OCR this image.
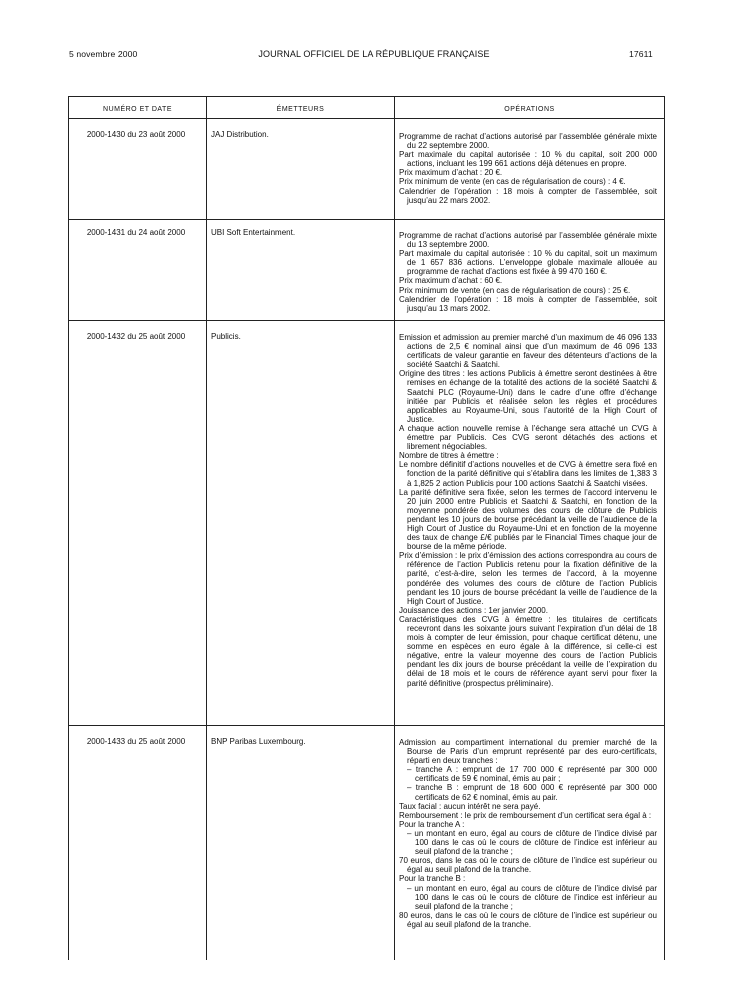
5 novembre 2000	JOURNAL OFFICIEL DE LA RÉPUBLIQUE FRANÇAISE	17611
NUMÉRO ET DATE	ÉMETTEURS	OPÉRATIONS
2000-1430 du 23 août 2000	JAJ Distribution.	Programme de rachat d’actions autorisé par l’assemblée générale mixte du 22 septembre 2000.
Part maximale du capital autorisée : 10 % du capital, soit 200 000 actions, incluant les 199 661 actions déjà détenues en propre.
Prix maximum d’achat : 20 €.
Prix minimum de vente (en cas de régularisation de cours) : 4 €.
Calendrier de l’opération : 18 mois à compter de l’assemblée, soit jusqu’au 22 mars 2002.
2000-1431 du 24 août 2000	UBI Soft Entertainment.	Programme de rachat d’actions autorisé par l’assemblée générale mixte du 13 septembre 2000.
Part maximale du capital autorisée : 10 % du capital, soit un maximum de 1 657 836 actions. L’enveloppe globale maximale allouée au programme de rachat d’actions est fixée à 99 470 160 €.
Prix maximum d’achat : 60 €.
Prix minimum de vente (en cas de régularisation de cours) : 25 €.
Calendrier de l’opération : 18 mois à compter de l’assemblée, soit jusqu’au 13 mars 2002.
2000-1432 du 25 août 2000	Publicis.	Emission et admission au premier marché d’un maximum de 46 096 133 actions de 2,5 € nominal ainsi que d’un maximum de 46 096 133 certificats de valeur garantie en faveur des détenteurs d’actions de la société Saatchi & Saatchi.
Origine des titres : les actions Publicis à émettre seront destinées à être remises en échange de la totalité des actions de la société Saatchi & Saatchi PLC (Royaume-Uni) dans le cadre d’une offre d’échange initiée par Publicis et réalisée selon les règles et procédures applicables au Royaume-Uni, sous l’autorité de la High Court of Justice.
A chaque action nouvelle remise à l’échange sera attaché un CVG à émettre par Publicis. Ces CVG seront détachés des actions et librement négociables.
Nombre de titres à émettre :
Le nombre définitif d’actions nouvelles et de CVG à émettre sera fixé en fonction de la parité définitive qui s’établira dans les limites de 1,383 3 à 1,825 2 action Publicis pour 100 actions Saatchi & Saatchi visées.
La parité définitive sera fixée, selon les termes de l’accord intervenu le 20 juin 2000 entre Publicis et Saatchi & Saatchi, en fonction de la moyenne pondérée des volumes des cours de clôture de Publicis pendant les 10 jours de bourse précédant la veille de l’audience de la High Court of Justice du Royaume-Uni et en fonction de la moyenne des taux de change £/€ publiés par le Financial Times chaque jour de bourse de la même période.
Prix d’émission : le prix d’émission des actions correspondra au cours de référence de l’action Publicis retenu pour la fixation définitive de la parité, c’est-à-dire, selon les termes de l’accord, à la moyenne pondérée des volumes des cours de clôture de l’action Publicis pendant les 10 jours de bourse précédant la veille de l’audience de la High Court of Justice.
Jouissance des actions : 1er janvier 2000.
Caractéristiques des CVG à émettre : les titulaires de certificats recevront dans les soixante jours suivant l’expiration d’un délai de 18 mois à compter de leur émission, pour chaque certificat détenu, une somme en espèces en euro égale à la différence, si celle-ci est négative, entre la valeur moyenne des cours de l’action Publicis pendant les dix jours de bourse précédant la veille de l’expiration du délai de 18 mois et le cours de référence ayant servi pour fixer la parité définitive (prospectus préliminaire).
2000-1433 du 25 août 2000	BNP Paribas Luxembourg.	Admission au compartiment international du premier marché de la Bourse de Paris d’un emprunt représenté par des euro-certificats, réparti en deux tranches :
– tranche A : emprunt de 17 700 000 € représenté par 300 000 certificats de 59 € nominal, émis au pair ;
– tranche B : emprunt de 18 600 000 € représenté par 300 000 certificats de 62 € nominal, émis au pair.
Taux facial : aucun intérêt ne sera payé.
Remboursement : le prix de remboursement d’un certificat sera égal à :
Pour la tranche A :
– un montant en euro, égal au cours de clôture de l’indice divisé par 100 dans le cas où le cours de clôture de l’indice est inférieur au seuil plafond de la tranche ;
70 euros, dans le cas où le cours de clôture de l’indice est supérieur ou égal au seuil plafond de la tranche.
Pour la tranche B :
– un montant en euro, égal au cours de clôture de l’indice divisé par 100 dans le cas où le cours de clôture de l’indice est inférieur au seuil plafond de la tranche ;
80 euros, dans le cas où le cours de clôture de l’indice est supérieur ou égal au seuil plafond de la tranche.
